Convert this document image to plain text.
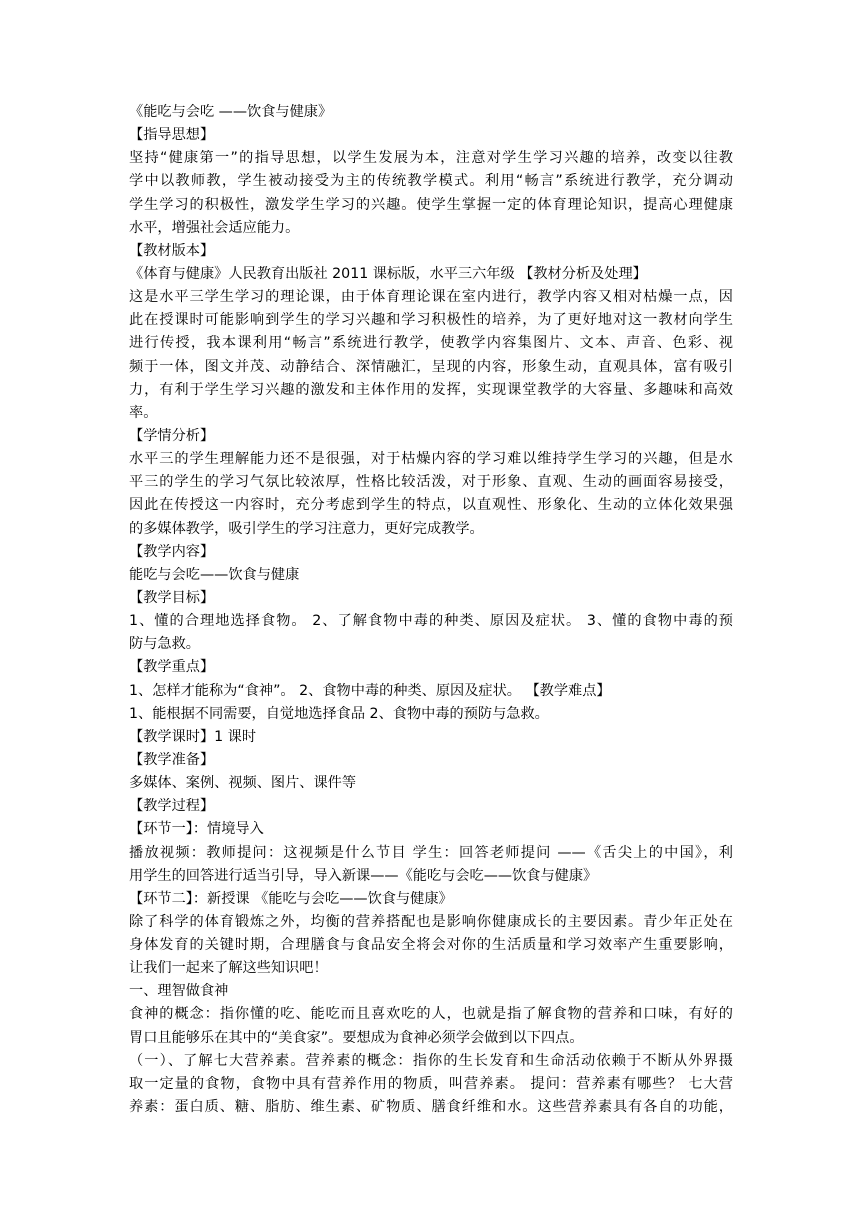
《能吃与会吃 ——饮食与健康》
【指导思想】
坚持“健康第一”的指导思想，以学生发展为本，注意对学生学习兴趣的培养，改变以往教
学中以教师教，学生被动接受为主的传统教学模式。利用“畅言”系统进行教学，充分调动
学生学习的积极性，激发学生学习的兴趣。使学生掌握一定的体育理论知识，提高心理健康
水平，增强社会适应能力。
【教材版本】
《体育与健康》人民教育出版社 2011 课标版，水平三六年级 【教材分析及处理】
这是水平三学生学习的理论课，由于体育理论课在室内进行，教学内容又相对枯燥一点，因
此在授课时可能影响到学生的学习兴趣和学习积极性的培养，为了更好地对这一教材向学生
进行传授，我本课利用“畅言”系统进行教学，使教学内容集图片、文本、声音、色彩、视
频于一体，图文并茂、动静结合、深情融汇，呈现的内容，形象生动，直观具体，富有吸引
力，有利于学生学习兴趣的激发和主体作用的发挥，实现课堂教学的大容量、多趣味和高效
率。
【学情分析】
水平三的学生理解能力还不是很强，对于枯燥内容的学习难以维持学生学习的兴趣，但是水
平三的学生的学习气氛比较浓厚，性格比较活泼，对于形象、直观、生动的画面容易接受，
因此在传授这一内容时，充分考虑到学生的特点，以直观性、形象化、生动的立体化效果强
的多媒体教学，吸引学生的学习注意力，更好完成教学。
【教学内容】
能吃与会吃——饮食与健康
【教学目标】
1、懂的合理地选择食物。 2、了解食物中毒的种类、原因及症状。 3、懂的食物中毒的预
防与急救。
【教学重点】
1、怎样才能称为“食神”。 2、食物中毒的种类、原因及症状。 【教学难点】
1、能根据不同需要，自觉地选择食品 2、食物中毒的预防与急救。
【教学课时】1 课时
【教学准备】
多媒体、案例、视频、图片、课件等
【教学过程】
【环节一】：情境导入
播放视频：教师提问：这视频是什么节目 学生：回答老师提问 ——《舌尖上的中国》，利
用学生的回答进行适当引导，导入新课——《能吃与会吃——饮食与健康》
【环节二】：新授课 《能吃与会吃——饮食与健康》
除了科学的体育锻炼之外，均衡的营养搭配也是影响你健康成长的主要因素。青少年正处在
身体发育的关键时期，合理膳食与食品安全将会对你的生活质量和学习效率产生重要影响，
让我们一起来了解这些知识吧！
一、理智做食神
食神的概念：指你懂的吃、能吃而且喜欢吃的人，也就是指了解食物的营养和口味，有好的
胃口且能够乐在其中的“美食家”。要想成为食神必须学会做到以下四点。
（一）、了解七大营养素。营养素的概念：指你的生长发育和生命活动依赖于不断从外界摄
取一定量的食物，食物中具有营养作用的物质，叫营养素。 提问：营养素有哪些？ 七大营
养素：蛋白质、糖、脂肪、维生素、矿物质、膳食纤维和水。这些营养素具有各自的功能，
